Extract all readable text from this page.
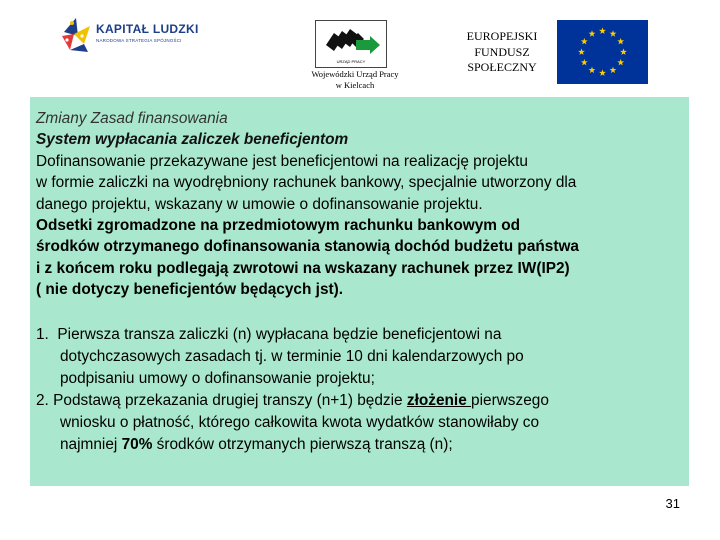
KAPITAŁ LUDZKI
NARODOWA STRATEGIA SPÓJNOŚCI
URZĄD PRACY
Wojewódzki Urząd Pracy
w Kielcach
EUROPEJSKI
FUNDUSZ
SPOŁECZNY
Zmiany Zasad finansowania
System wypłacania zaliczek beneficjentom
Dofinansowanie przekazywane jest beneficjentowi na realizację projektu
w formie zaliczki na wyodrębniony rachunek bankowy, specjalnie utworzony dla
danego projektu, wskazany w umowie o dofinansowanie projektu.
Odsetki zgromadzone na przedmiotowym rachunku bankowym od
środków otrzymanego dofinansowania stanowią dochód budżetu państwa
i z końcem roku podlegają zwrotowi na wskazany rachunek przez IW(IP2)
( nie dotyczy beneficjentów będących jst).
1. Pierwsza transza zaliczki (n) wypłacana będzie beneficjentowi na
dotychczasowych zasadach tj. w terminie 10 dni kalendarzowych po
podpisaniu umowy o dofinansowanie projektu;
2. Podstawą przekazania drugiej transzy (n+1) będzie złożenie pierwszego
wniosku o płatność, którego całkowita kwota wydatków stanowiłaby co
najmniej 70% środków otrzymanych pierwszą transzą (n);
31
